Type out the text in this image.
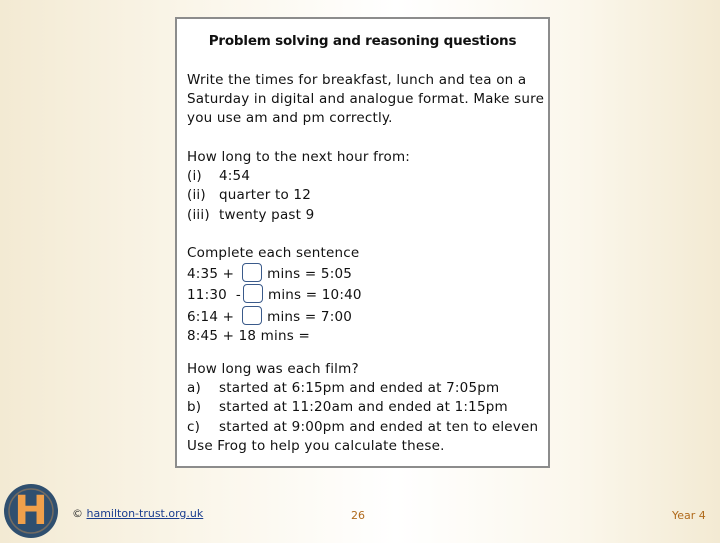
Problem solving and reasoning questions
Write the times for breakfast, lunch and tea on a
Saturday in digital and analogue format. Make sure
you use am and pm correctly.
How long to the next hour from:
(i) 4:54
(ii) quarter to 12
(iii) twenty past 9
Complete each sentence
4:35 + mins = 5:05
11:30  - mins = 10:40
6:14 + mins = 7:00
8:45 + 18 mins =
How long was each film?
a) started at 6:15pm and ended at 7:05pm
b) started at 11:20am and ended at 1:15pm
c) started at 9:00pm and ended at ten to eleven
Use Frog to help you calculate these.
H	© hamilton-trust.org.uk	26	Year 4
